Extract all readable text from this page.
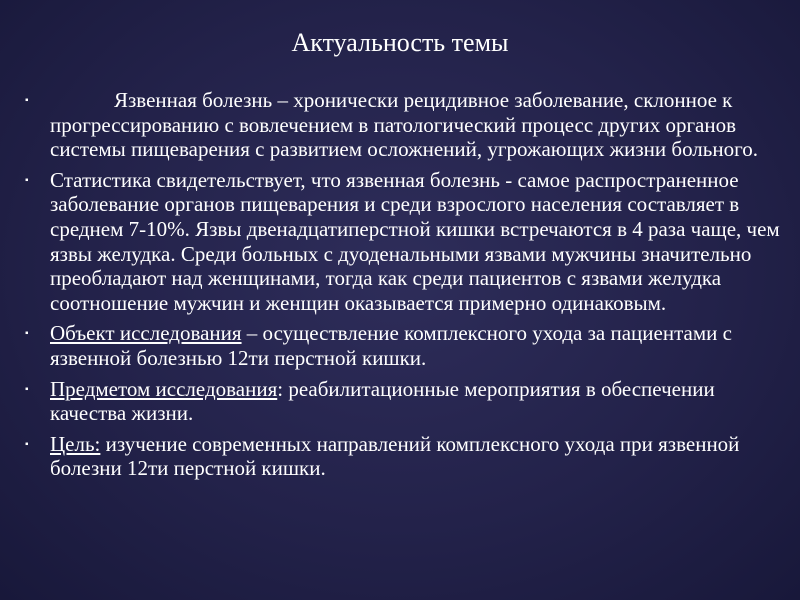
Актуальность темы
▪	Язвенная болезнь – хронически рецидивное заболевание, склонное к прогрессированию с вовлечением в патологический процесс других органов системы пищеварения с развитием осложнений, угрожающих жизни больного.
▪ Статистика свидетельствует, что язвенная болезнь - самое распространенное заболевание органов пищеварения и среди взрослого населения составляет в среднем 7-10%. Язвы двенадцатиперстной кишки встречаются в 4 раза чаще, чем язвы желудка. Среди больных с дуоденальными язвами мужчины значительно преобладают над женщинами, тогда как среди пациентов с язвами желудка соотношение мужчин и женщин оказывается примерно одинаковым.
▪ Объект исследования – осуществление комплексного ухода за пациентами с язвенной болезнью 12ти перстной кишки.
▪ Предметом исследования: реабилитационные мероприятия в обеспечении качества жизни.
▪ Цель: изучение современных направлений комплексного ухода при язвенной болезни 12ти перстной кишки.
